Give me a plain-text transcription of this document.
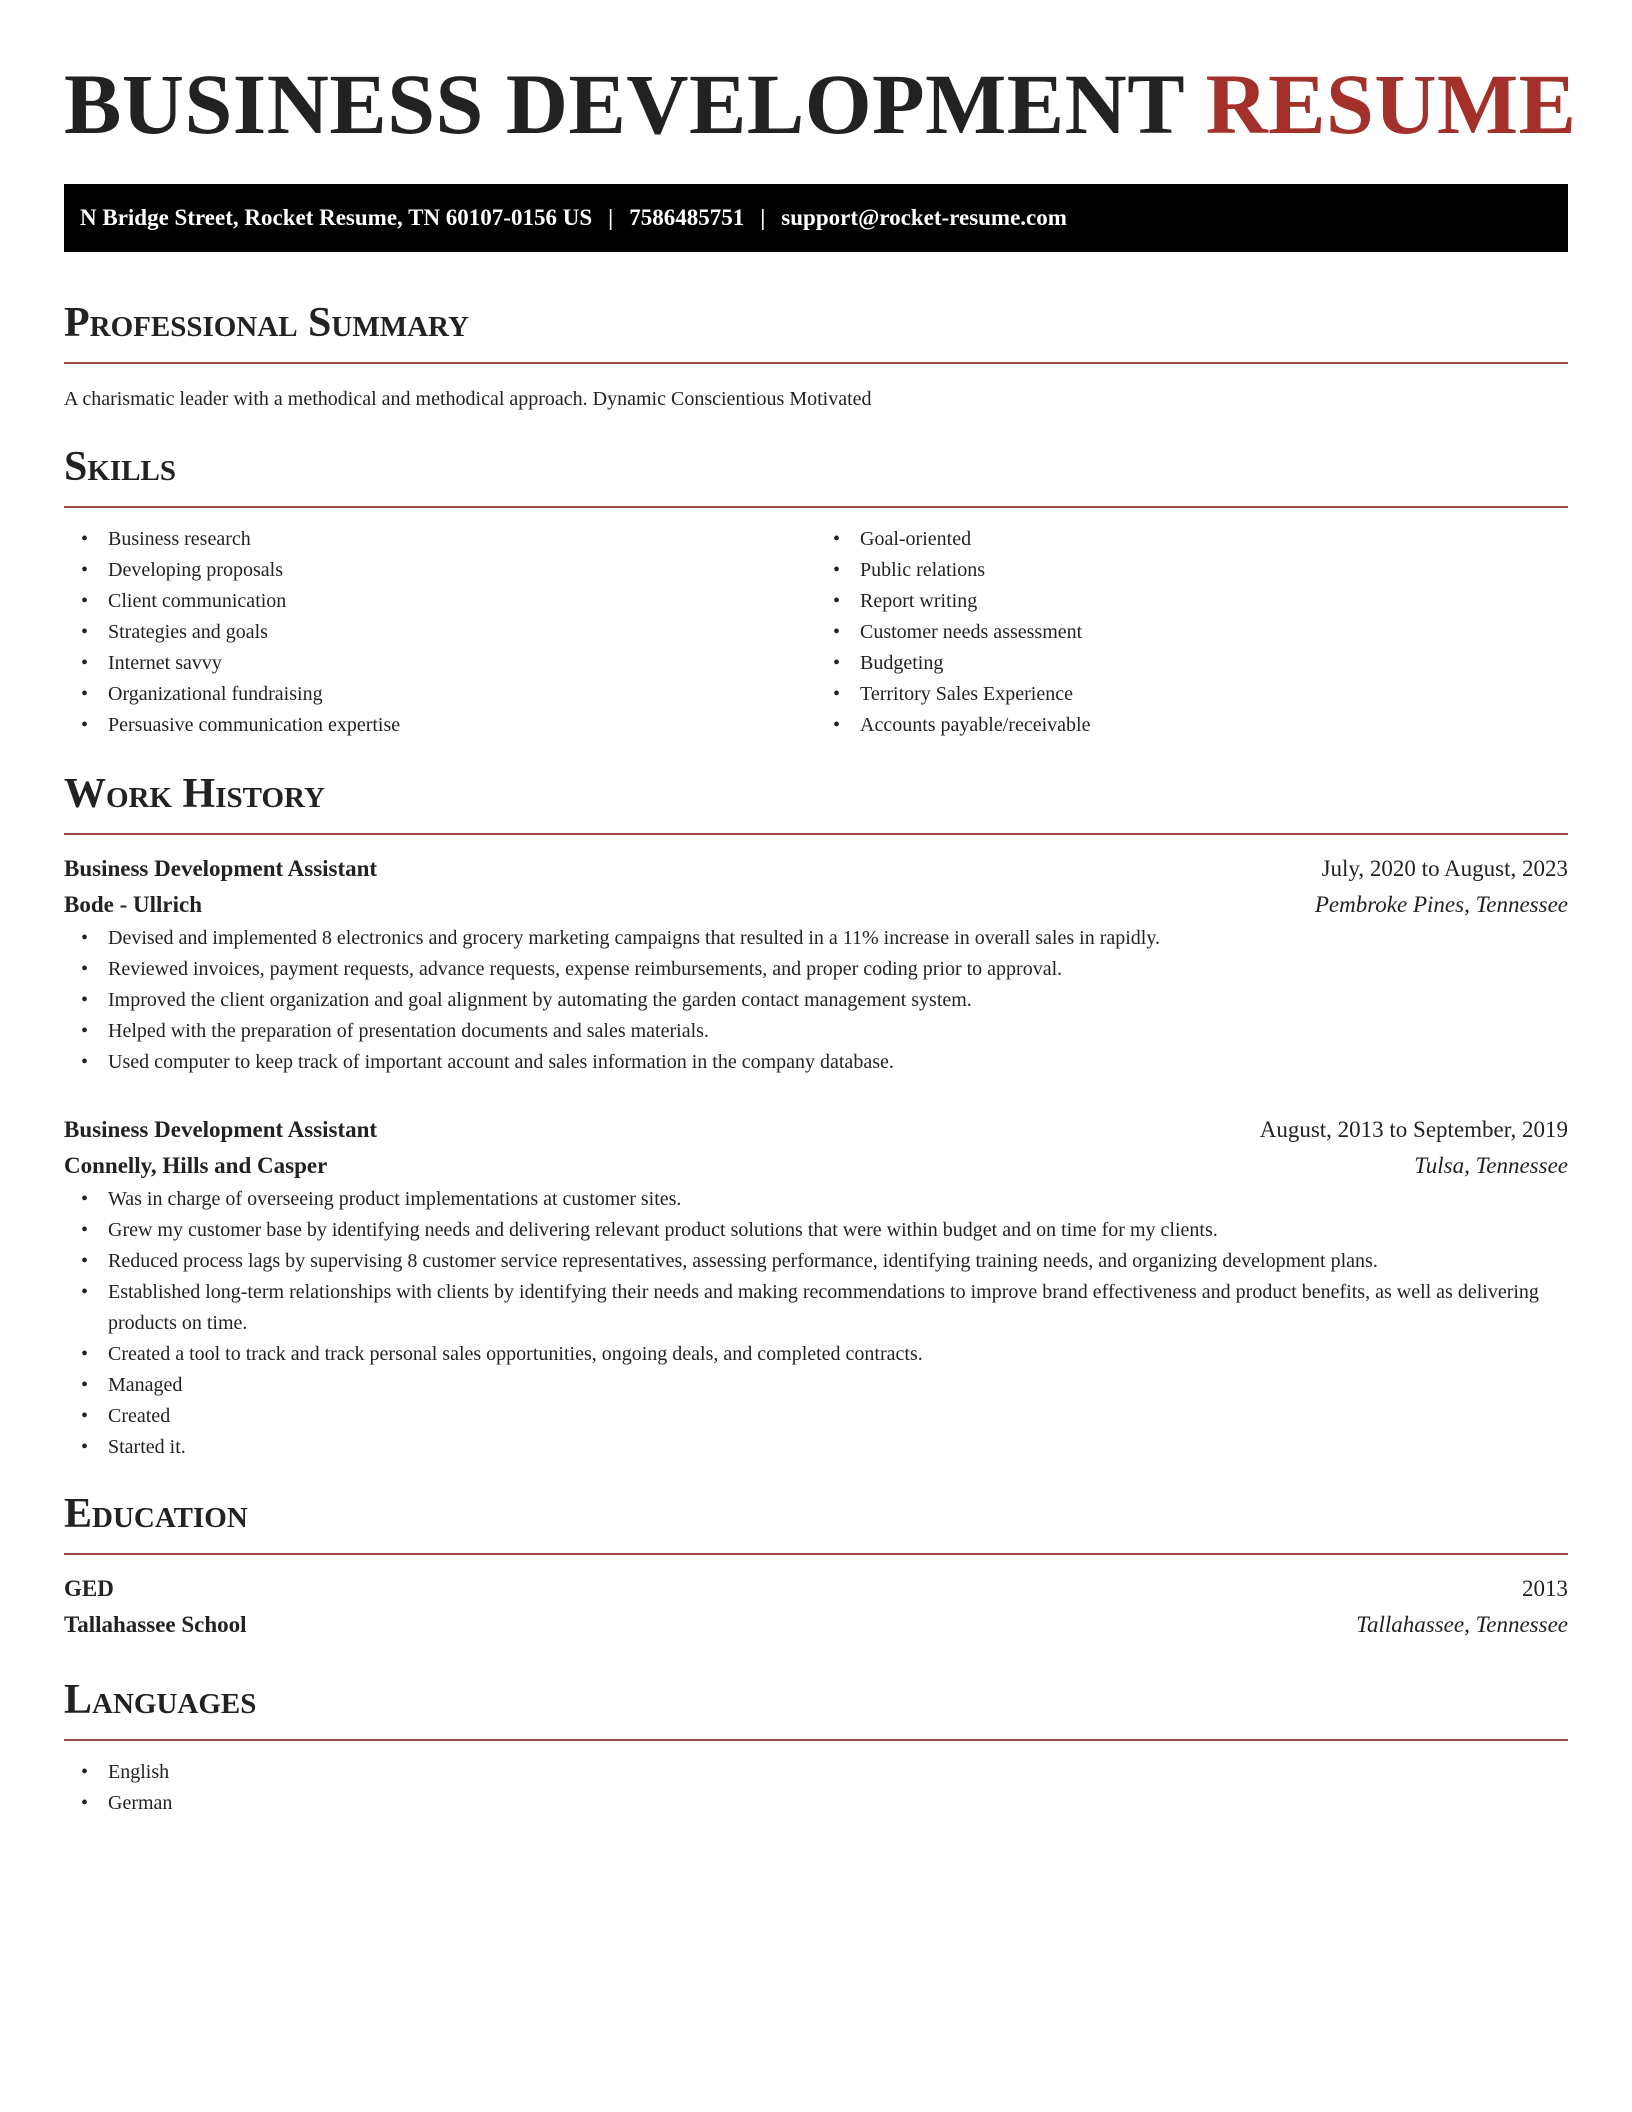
BUSINESS DEVELOPMENT RESUME
N Bridge Street, Rocket Resume, TN 60107-0156 US | 7586485751 | support@rocket-resume.com
Professional Summary

A charismatic leader with a methodical and methodical approach. Dynamic Conscientious Motivated

Skills
• Business research
• Developing proposals
• Client communication
• Strategies and goals
• Internet savvy
• Organizational fundraising
• Persuasive communication expertise
• Goal-oriented
• Public relations
• Report writing
• Customer needs assessment
• Budgeting
• Territory Sales Experience
• Accounts payable/receivable
Work History
Business Development Assistant	July, 2020 to August, 2023
Bode - Ullrich	Pembroke Pines, Tennessee
• Devised and implemented 8 electronics and grocery marketing campaigns that resulted in a 11% increase in overall sales in rapidly.
• Reviewed invoices, payment requests, advance requests, expense reimbursements, and proper coding prior to approval.
• Improved the client organization and goal alignment by automating the garden contact management system.
• Helped with the preparation of presentation documents and sales materials.
• Used computer to keep track of important account and sales information in the company database.
Business Development Assistant	August, 2013 to September, 2019
Connelly, Hills and Casper	Tulsa, Tennessee
• Was in charge of overseeing product implementations at customer sites.
• Grew my customer base by identifying needs and delivering relevant product solutions that were within budget and on time for my clients.
• Reduced process lags by supervising 8 customer service representatives, assessing performance, identifying training needs, and organizing development plans.
• Established long-term relationships with clients by identifying their needs and making recommendations to improve brand effectiveness and product benefits, as well as delivering products on time.
• Created a tool to track and track personal sales opportunities, ongoing deals, and completed contracts.
• Managed
• Created
• Started it.
Education
GED	2013
Tallahassee School	Tallahassee, Tennessee
Languages
• English
• German
